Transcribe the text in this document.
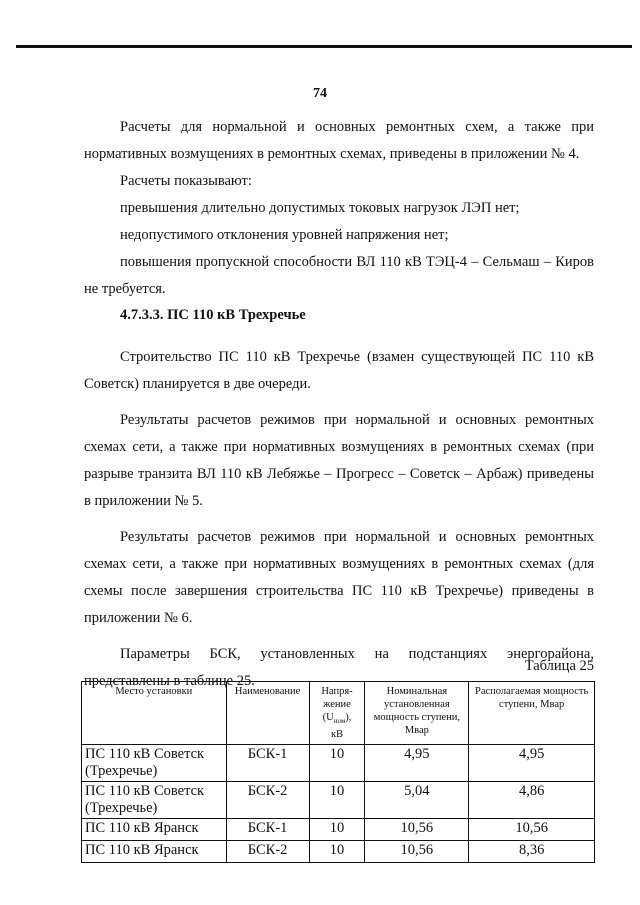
74

Расчеты для нормальной и основных ремонтных схем, а также при нормативных возмущениях в ремонтных схемах, приведены в приложении № 4.

Расчеты показывают:

превышения длительно допустимых токовых нагрузок ЛЭП нет;

недопустимого отклонения уровней напряжения нет;

повышения пропускной способности ВЛ 110 кВ ТЭЦ-4 – Сельмаш – Киров не требуется.

4.7.3.3. ПС 110 кВ Трехречье

Строительство ПС 110 кВ Трехречье (взамен существующей ПС 110 кВ Советск) планируется в две очереди.

Результаты расчетов режимов при нормальной и основных ремонтных схемах сети, а также при нормативных возмущениях в ремонтных схемах (при разрыве транзита ВЛ 110 кВ Лебяжье – Прогресс – Советск – Арбаж) приведены в приложении № 5.

Результаты расчетов режимов при нормальной и основных ремонтных схемах сети, а также при нормативных возмущениях в ремонтных схемах (для схемы после завершения строительства ПС 110 кВ Трехречье) приведены в приложении № 6.

Параметры БСК, установленных на подстанциях энергорайона, представлены в таблице 25.

Таблица 25
Место установки	Наименование	Напря-
жение
$(U_{ном})$,
кВ	Номинальная установленная мощность ступени, Мвар	Располагаемая мощность ступени, Мвар
ПС 110 кВ Советск (Трехречье)	БСК-1	10	4,95	4,95
ПС 110 кВ Советск (Трехречье)	БСК-2	10	5,04	4,86
ПС 110 кВ Яранск	БСК-1	10	10,56	10,56
ПС 110 кВ Яранск	БСК-2	10	10,56	8,36
